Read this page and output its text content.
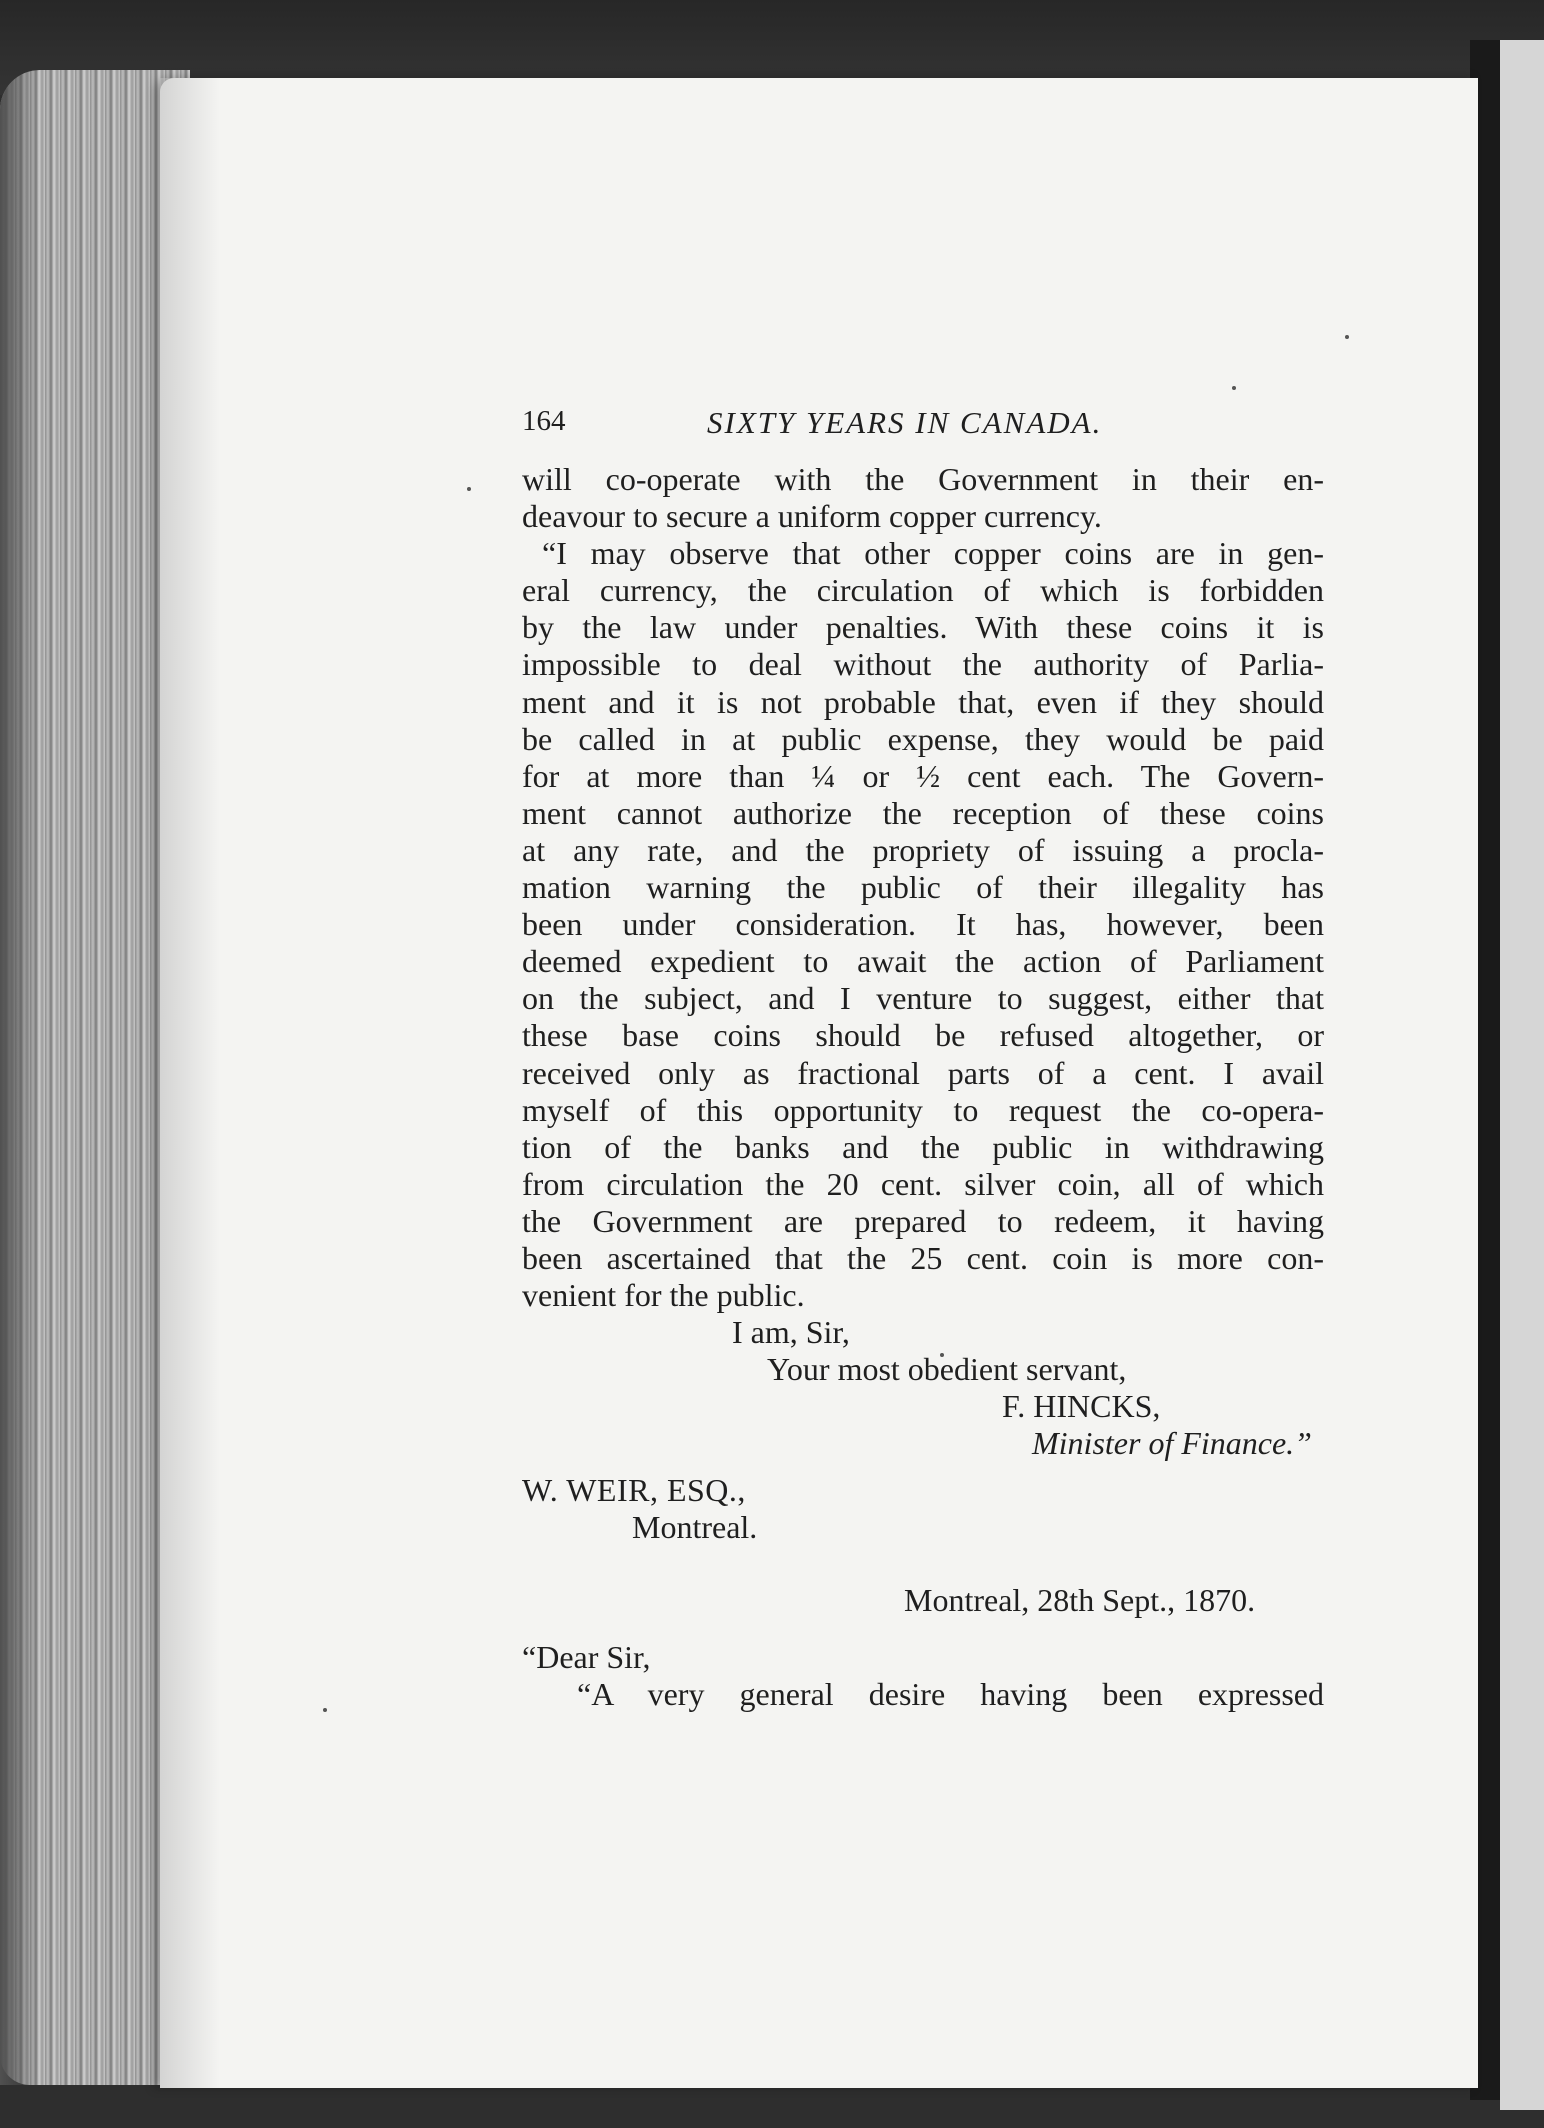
164	SIXTY YEARS IN CANADA.
will co-operate with the Government in their en-
deavour to secure a uniform copper currency.
“I may observe that other copper coins are in gen-
eral currency, the circulation of which is forbidden
by the law under penalties. With these coins it is
impossible to deal without the authority of Parlia-
ment and it is not probable that, even if they should
be called in at public expense, they would be paid
for at more than ¼ or ½ cent each. The Govern-
ment cannot authorize the reception of these coins
at any rate, and the propriety of issuing a procla-
mation warning the public of their illegality has
been under consideration. It has, however, been
deemed expedient to await the action of Parliament
on the subject, and I venture to suggest, either that
these base coins should be refused altogether, or
received only as fractional parts of a cent. I avail
myself of this opportunity to request the co-opera-
tion of the banks and the public in withdrawing
from circulation the 20 cent. silver coin, all of which
the Government are prepared to redeem, it having
been ascertained that the 25 cent. coin is more con-
venient for the public.
I am, Sir,
Your most obedient servant,
F. HINCKS,
Minister of Finance.”
W. WEIR, ESQ.,
Montreal.
Montreal, 28th Sept., 1870.
“Dear Sir,
“A very general desire having been expressed
